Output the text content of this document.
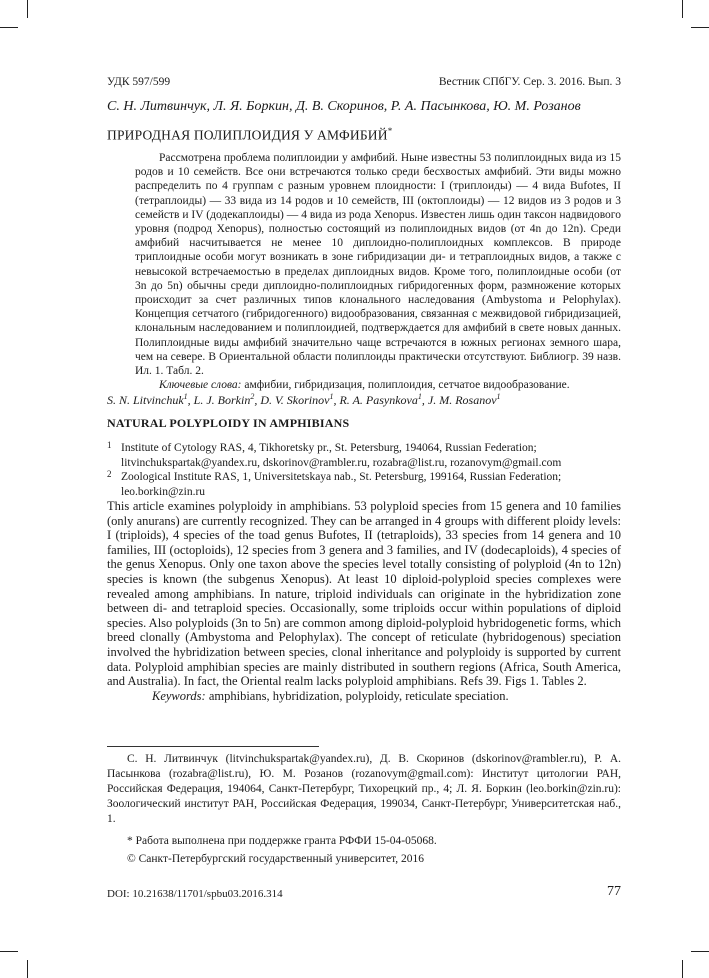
УДК 597/599	Вестник СПбГУ. Сер. 3. 2016. Вып. 3
С. Н. Литвинчук, Л. Я. Боркин, Д. В. Скоринов, Р. А. Пасынкова, Ю. М. Розанов
ПРИРОДНАЯ ПОЛИПЛОИДИЯ У АМФИБИЙ*

Рассмотрена проблема полиплоидии у амфибий. Ныне известны 53 полиплоидных вида из 15 родов и 10 семейств. Все они встречаются только среди бесхвостых амфибий. Эти виды можно распределить по 4 группам с разным уровнем плоидности: I (триплоиды) — 4 вида Bufotes, II (тетраплоиды) — 33 вида из 14 родов и 10 семейств, III (октоплоиды) — 12 видов из 3 родов и 3 семейств и IV (додекаплоиды) — 4 вида из рода Xenopus. Известен лишь один таксон надвидового уровня (подрод Xenopus), полностью состоящий из полиплоидных видов (от 4n до 12n). Среди амфибий насчитывается не менее 10 диплоидно-полиплоидных комплексов. В природе триплоидные особи могут возникать в зоне гибридизации ди- и тетраплоидных видов, а также с невысокой встречаемостью в пределах диплоидных видов. Кроме того, полиплоидные особи (от 3n до 5n) обычны среди диплоидно-полиплоидных гибридогенных форм, размножение которых происходит за счет различных типов клонального наследования (Ambystoma и Pelophylax). Концепция сетчатого (гибридогенного) видообразования, связанная с межвидовой гибридизацией, клональным наследованием и полиплоидией, подтверждается для амфибий в свете новых данных. Полиплоидные виды амфибий значительно чаще встречаются в южных регионах земного шара, чем на севере. В Ориентальной области полиплоиды практически отсутствуют. Библиогр. 39 назв. Ил. 1. Табл. 2.

Ключевые слова: амфибии, гибридизация, полиплоидия, сетчатое видообразование.

S. N. Litvinchuk$^1$, L. J. Borkin$^2$, D. V. Skorinov$^1$, R. A. Pasynkova$^1$, J. M. Rosanov$^1$
NATURAL POLYPLOIDY IN AMPHIBIANS
1 Institute of Cytology RAS, 4, Tikhoretsky pr., St. Petersburg, 194064, Russian Federation;
litvinchukspartak@yandex.ru, dskorinov@rambler.ru, rozabra@list.ru, rozanovym@gmail.com
2 Zoological Institute RAS, 1, Universitetskaya nab., St. Petersburg, 199164, Russian Federation;
leo.borkin@zin.ru

This article examines polyploidy in amphibians. 53 polyploid species from 15 genera and 10 families (only anurans) are currently recognized. They can be arranged in 4 groups with different ploidy levels: I (triploids), 4 species of the toad genus Bufotes, II (tetraploids), 33 species from 14 genera and 10 families, III (octoploids), 12 species from 3 genera and 3 families, and IV (dodecaploids), 4 species of the genus Xenopus. Only one taxon above the species level totally consisting of polyploid (4n to 12n) species is known (the subgenus Xenopus). At least 10 diploid-polyploid species complexes were revealed among amphibians. In nature, triploid individuals can originate in the hybridization zone between di- and tetraploid species. Occasionally, some triploids occur within populations of diploid species. Also polyploids (3n to 5n) are common among diploid-polyploid hybridogenetic forms, which breed clonally (Ambystoma and Pelophylax). The concept of reticulate (hybridogenous) speciation involved the hybridization between species, clonal inheritance and polyploidy is supported by current data. Polyploid amphibian species are mainly distributed in southern regions (Africa, South America, and Australia). In fact, the Oriental realm lacks polyploid amphibians. Refs 39. Figs 1. Tables 2.

Keywords: amphibians, hybridization, polyploidy, reticulate speciation.

С. Н. Литвинчук (litvinchukspartak@yandex.ru), Д. В. Скоринов (dskorinov@rambler.ru), Р. А. Пасынкова (rozabra@list.ru), Ю. М. Розанов (rozanovym@gmail.com): Институт цитологии РАН, Российская Федерация, 194064, Санкт-Петербург, Тихорецкий пр., 4; Л. Я. Боркин (leo.borkin@zin.ru): Зоологический институт РАН, Российская Федерация, 199034, Санкт-Петербург, Университетская наб., 1.

* Работа выполнена при поддержке гранта РФФИ 15-04-05068.

© Санкт-Петербургский государственный университет, 2016

DOI: 10.21638/11701/spbu03.2016.314	77
